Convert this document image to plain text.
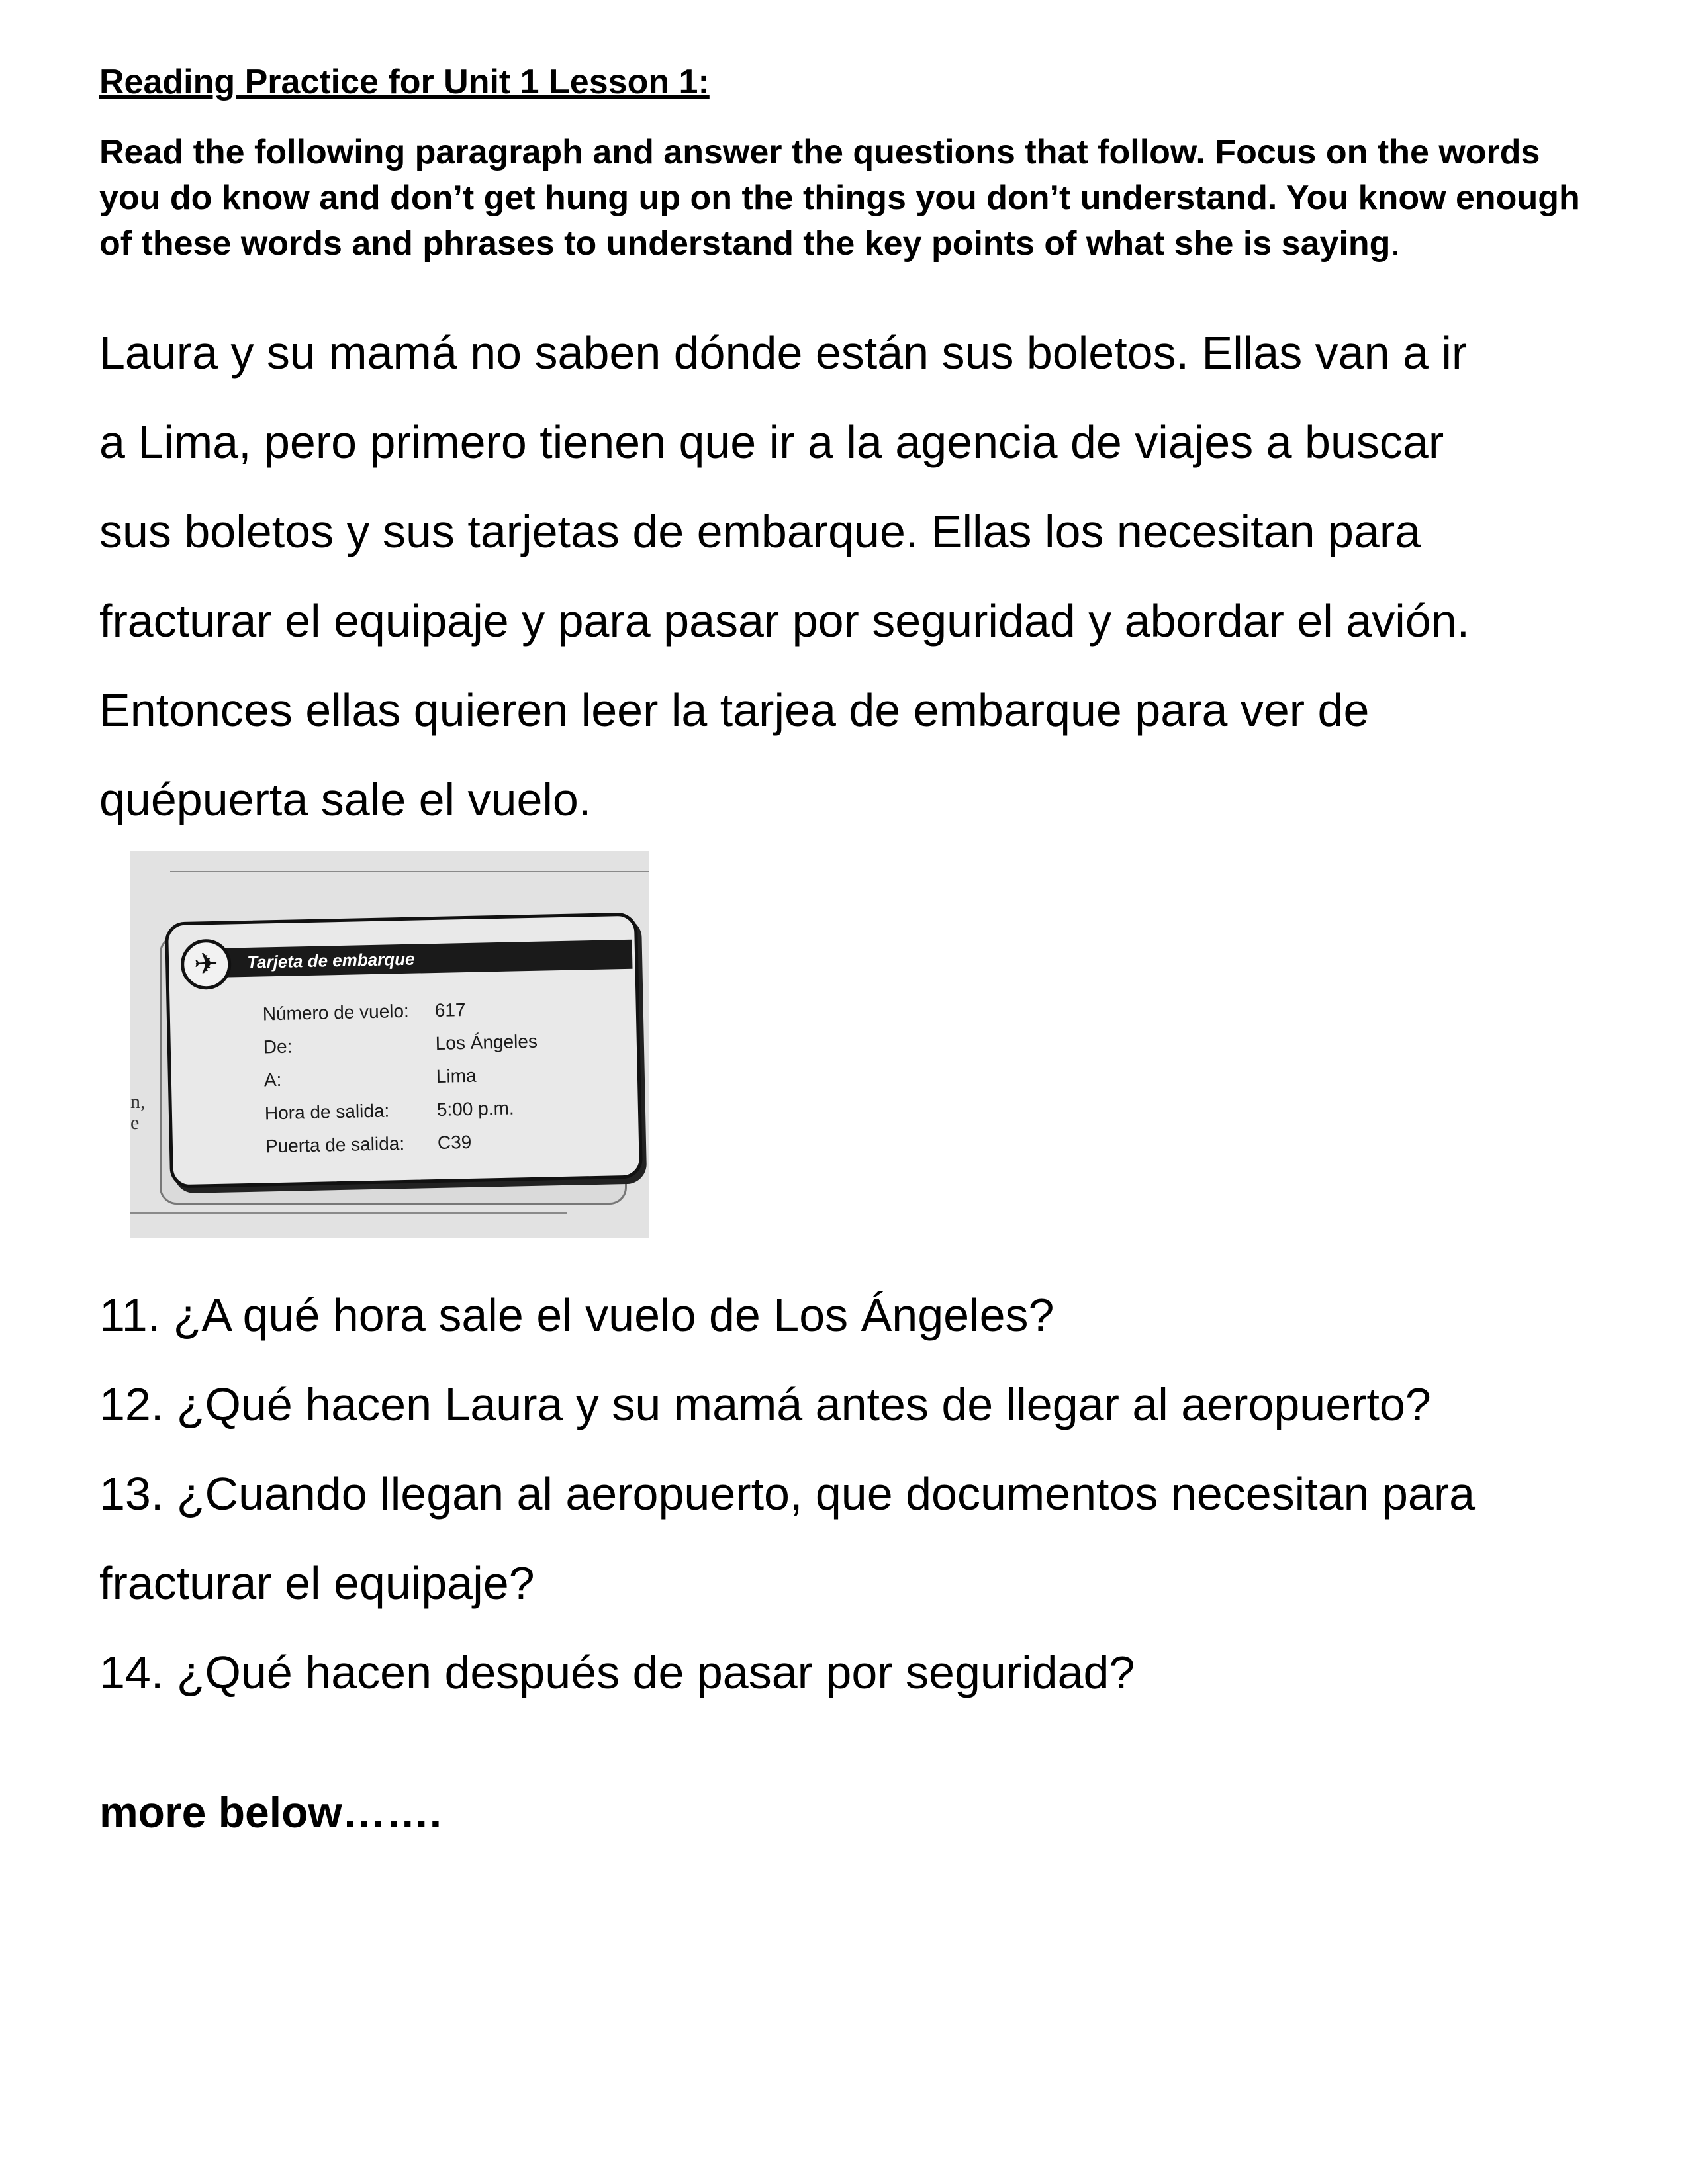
Reading Practice for Unit 1 Lesson 1:
Read the following paragraph and answer the questions that follow. Focus on the words you do know and don’t get hung up on the things you don’t understand. You know enough of these words and phrases to understand the key points of what she is saying.
Laura y su mamá no saben dónde están sus boletos. Ellas van a ir
a Lima, pero primero tienen que ir a la agencia de viajes a buscar
sus boletos y sus tarjetas de embarque. Ellas los necesitan para
fracturar el equipaje y para pasar por seguridad y abordar el avión.
Entonces ellas quieren leer la tarjea de embarque para ver de
quépuerta sale el vuelo.
11. ¿A qué hora sale el vuelo de Los Ángeles?
12. ¿Qué hacen Laura y su mamá antes de llegar al aeropuerto?
13. ¿Cuando llegan al aeropuerto, que documentos necesitan para
fracturar el equipaje?
14. ¿Qué hacen después de pasar por seguridad?
more below…….
n,
e
Tarjeta de embarque
✈
Número de vuelo:	617
De:	Los Ángeles
A:	Lima
Hora de salida:	5:00 p.m.
Puerta de salida:	C39
